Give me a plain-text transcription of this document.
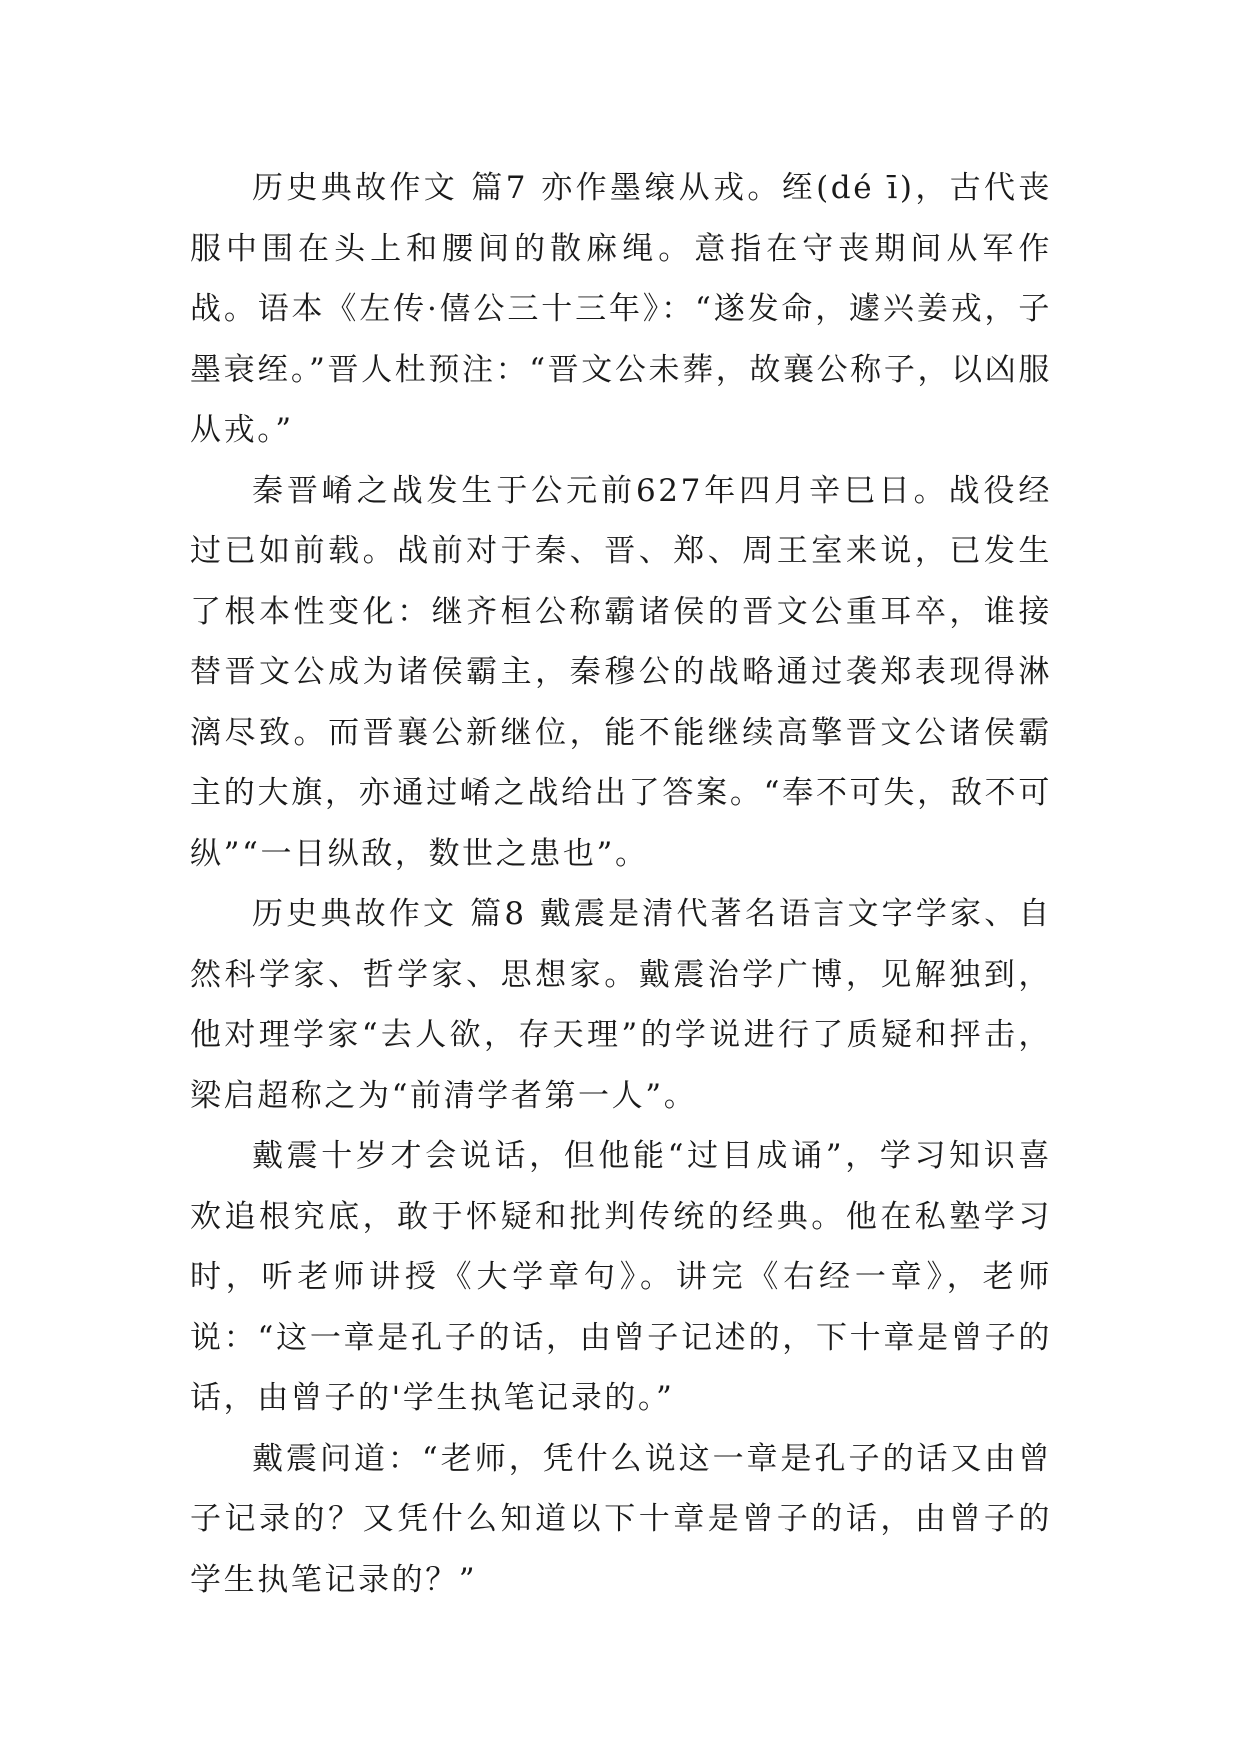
历史典故作文 篇7 亦作墨缞从戎。绖(dé ī)，古代丧服中围在头上和腰间的散麻绳。意指在守丧期间从军作战。语本《左传·僖公三十三年》：“遂发命，遽兴姜戎，子墨衰绖。”晋人杜预注：“晋文公未葬，故襄公称子，以凶服从戎。”

秦晋崤之战发生于公元前627年四月辛巳日。战役经过已如前载。战前对于秦、晋、郑、周王室来说，已发生了根本性变化：继齐桓公称霸诸侯的晋文公重耳卒，谁接替晋文公成为诸侯霸主，秦穆公的战略通过袭郑表现得淋漓尽致。而晋襄公新继位，能不能继续高擎晋文公诸侯霸主的大旗，亦通过崤之战给出了答案。“奉不可失，敌不可纵”“一日纵敌，数世之患也”。

历史典故作文 篇8 戴震是清代著名语言文字学家、自然科学家、哲学家、思想家。戴震治学广博，见解独到，他对理学家“去人欲，存天理”的学说进行了质疑和抨击，梁启超称之为“前清学者第一人”。

戴震十岁才会说话，但他能“过目成诵”，学习知识喜欢追根究底，敢于怀疑和批判传统的经典。他在私塾学习时，听老师讲授《大学章句》。讲完《右经一章》，老师说：“这一章是孔子的话，由曾子记述的，下十章是曾子的话，由曾子的'学生执笔记录的。”

戴震问道：“老师，凭什么说这一章是孔子的话又由曾子记录的？又凭什么知道以下十章是曾子的话，由曾子的学生执笔记录的？”
